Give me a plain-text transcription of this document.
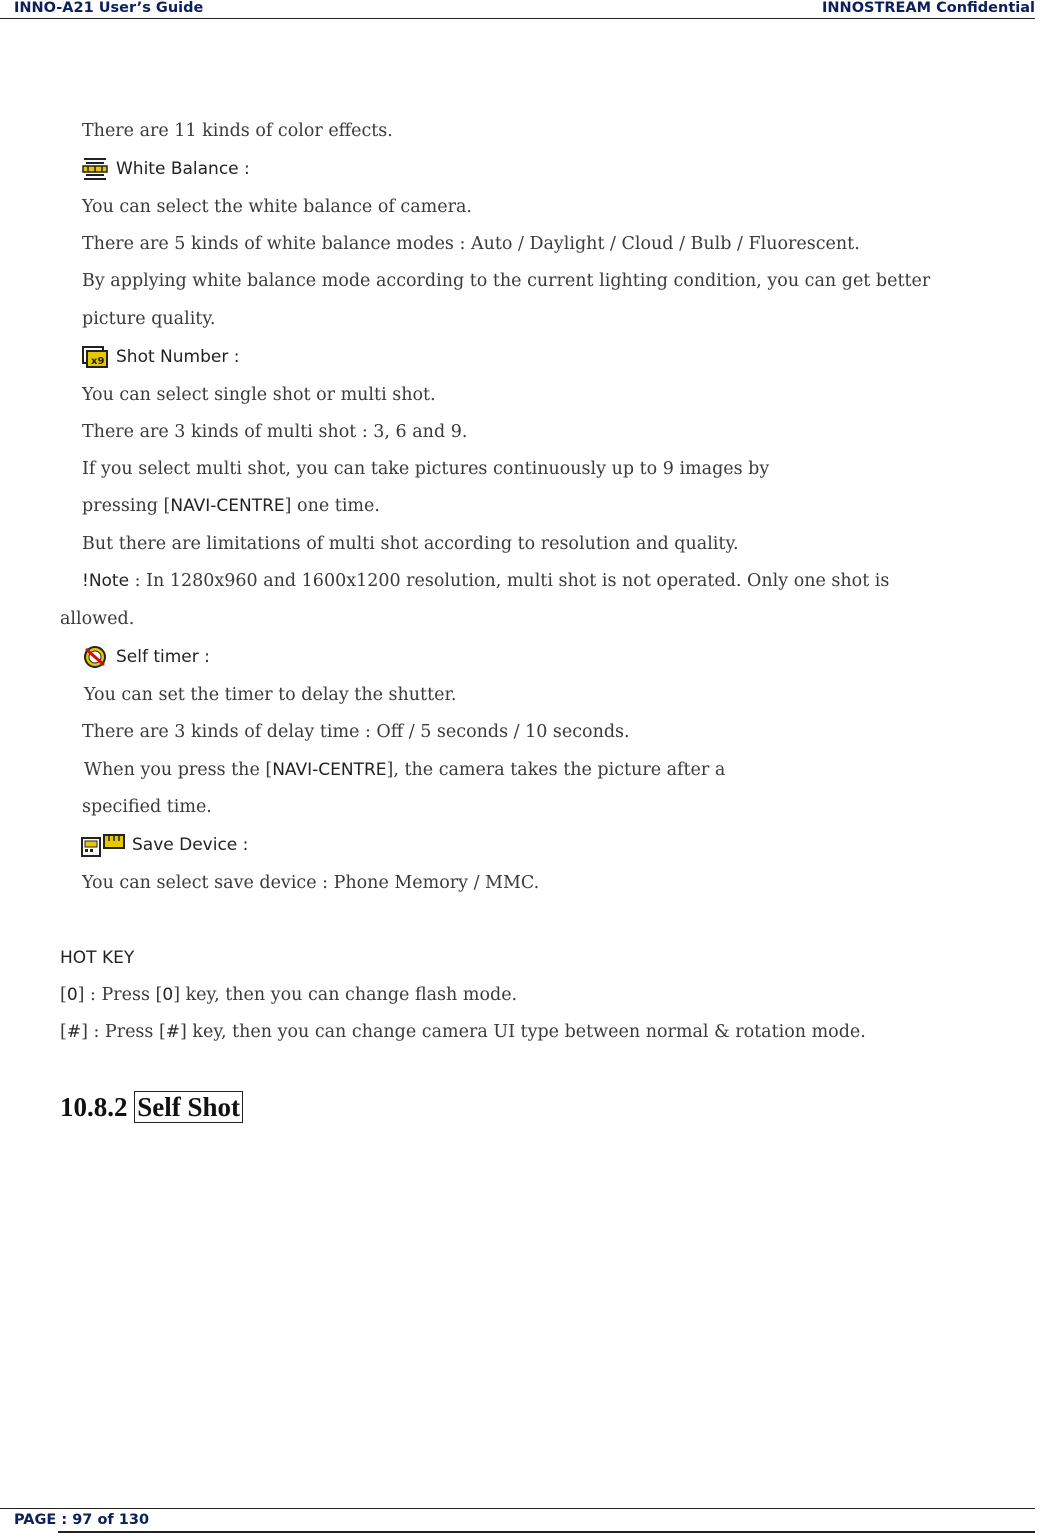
INNO-A21 User’s Guide	INNOSTREAM Confidential
There are 11 kinds of color effects.
White Balance :
You can select the white balance of camera.
There are 5 kinds of white balance modes : Auto / Daylight / Cloud / Bulb / Fluorescent.
By applying white balance mode according to the current lighting condition, you can get better
picture quality.
x9 Shot Number :
You can select single shot or multi shot.
There are 3 kinds of multi shot : 3, 6 and 9.
If you select multi shot, you can take pictures continuously up to 9 images by
pressing [NAVI-CENTRE] one time.
But there are limitations of multi shot according to resolution and quality.
!Note : In 1280x960 and 1600x1200 resolution, multi shot is not operated. Only one shot is
allowed.
Self timer :
You can set the timer to delay the shutter.
There are 3 kinds of delay time : Off / 5 seconds / 10 seconds.
When you press the [NAVI-CENTRE], the camera takes the picture after a
specified time.
Save Device :
You can select save device : Phone Memory / MMC.
HOT KEY
[0] : Press [0] key, then you can change flash mode.
[#] : Press [#] key, then you can change camera UI type between normal & rotation mode.
10.8.2 Self Shot
PAGE : 97 of 130
